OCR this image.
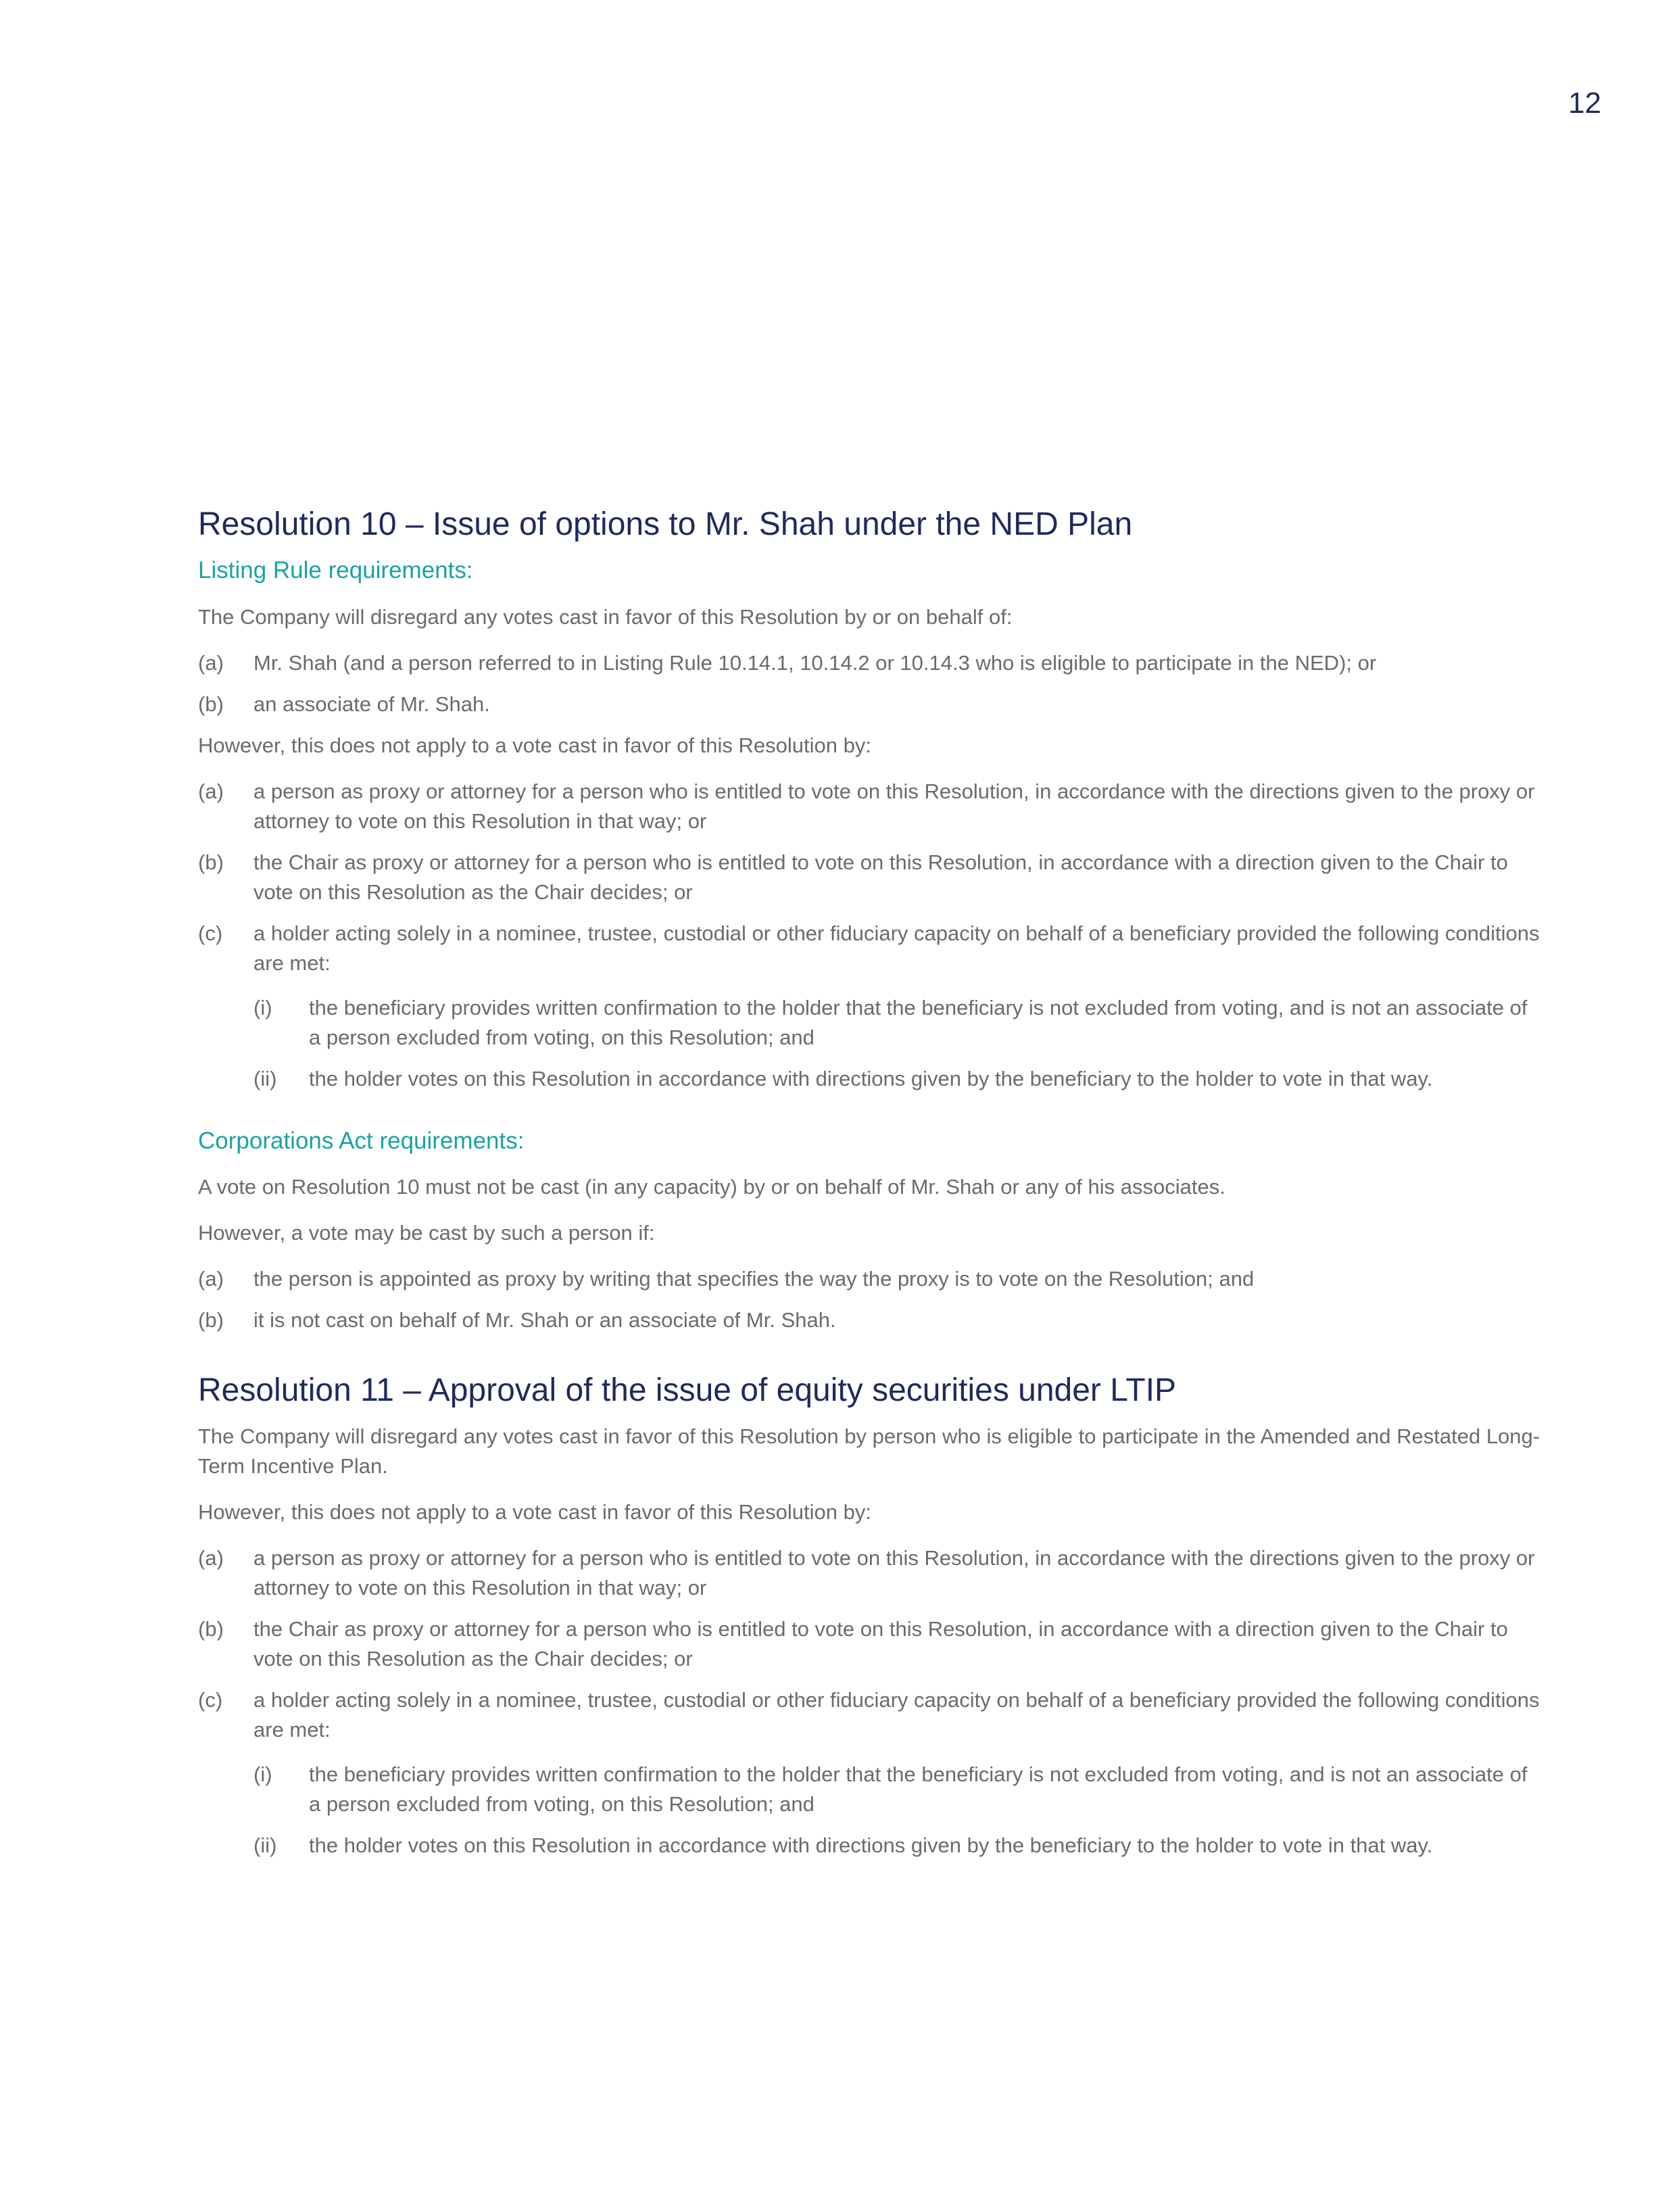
12
Resolution 10 – Issue of options to Mr. Shah under the NED Plan
Listing Rule requirements:

The Company will disregard any votes cast in favor of this Resolution by or on behalf of:

(a)	Mr. Shah (and a person referred to in Listing Rule 10.14.1, 10.14.2 or 10.14.3 who is eligible to participate in the NED); or
(b)	an associate of Mr. Shah.

However, this does not apply to a vote cast in favor of this Resolution by:

(a)	a person as proxy or attorney for a person who is entitled to vote on this Resolution, in accordance with the directions given to the proxy or attorney to vote on this Resolution in that way; or
(b)	the Chair as proxy or attorney for a person who is entitled to vote on this Resolution, in accordance with a direction given to the Chair to vote on this Resolution as the Chair decides; or
(c)	a holder acting solely in a nominee, trustee, custodial or other fiduciary capacity on behalf of a beneficiary provided the following conditions are met:
(i)	the beneficiary provides written confirmation to the holder that the beneficiary is not excluded from voting, and is not an associate of a person excluded from voting, on this Resolution; and
(ii)	the holder votes on this Resolution in accordance with directions given by the beneficiary to the holder to vote in that way.
Corporations Act requirements:

A vote on Resolution 10 must not be cast (in any capacity) by or on behalf of Mr. Shah or any of his associates.

However, a vote may be cast by such a person if:

(a)	the person is appointed as proxy by writing that specifies the way the proxy is to vote on the Resolution; and
(b)	it is not cast on behalf of Mr. Shah or an associate of Mr. Shah.
Resolution 11 – Approval of the issue of equity securities under LTIP

The Company will disregard any votes cast in favor of this Resolution by person who is eligible to participate in the Amended and Restated Long-Term Incentive Plan.

However, this does not apply to a vote cast in favor of this Resolution by:

(a)	a person as proxy or attorney for a person who is entitled to vote on this Resolution, in accordance with the directions given to the proxy or attorney to vote on this Resolution in that way; or
(b)	the Chair as proxy or attorney for a person who is entitled to vote on this Resolution, in accordance with a direction given to the Chair to vote on this Resolution as the Chair decides; or
(c)	a holder acting solely in a nominee, trustee, custodial or other fiduciary capacity on behalf of a beneficiary provided the following conditions are met:
(i)	the beneficiary provides written confirmation to the holder that the beneficiary is not excluded from voting, and is not an associate of a person excluded from voting, on this Resolution; and
(ii)	the holder votes on this Resolution in accordance with directions given by the beneficiary to the holder to vote in that way.
